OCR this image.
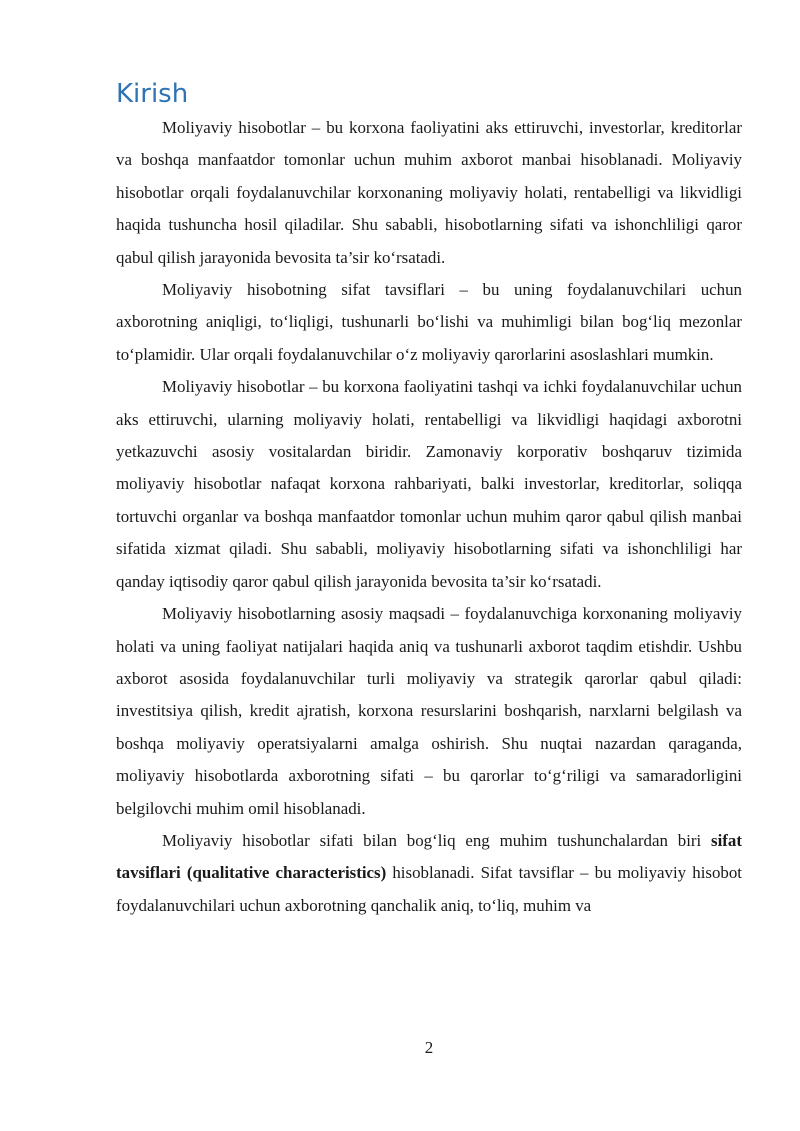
Kirish

Moliyaviy hisobotlar – bu korxona faoliyatini aks ettiruvchi, investorlar, kreditorlar va boshqa manfaatdor tomonlar uchun muhim axborot manbai hisoblanadi. Moliyaviy hisobotlar orqali foydalanuvchilar korxonaning moliyaviy holati, rentabelligi va likvidligi haqida tushuncha hosil qiladilar. Shu sababli, hisobotlarning sifati va ishonchliligi qaror qabul qilish jarayonida bevosita ta’sir ko‘rsatadi.

Moliyaviy hisobotning sifat tavsiflari – bu uning foydalanuvchilari uchun axborotning aniqligi, to‘liqligi, tushunarli bo‘lishi va muhimligi bilan bog‘liq mezonlar to‘plamidir. Ular orqali foydalanuvchilar o‘z moliyaviy qarorlarini asoslashlari mumkin.

Moliyaviy hisobotlar – bu korxona faoliyatini tashqi va ichki foydalanuvchilar uchun aks ettiruvchi, ularning moliyaviy holati, rentabelligi va likvidligi haqidagi axborotni yetkazuvchi asosiy vositalardan biridir. Zamonaviy korporativ boshqaruv tizimida moliyaviy hisobotlar nafaqat korxona rahbariyati, balki investorlar, kreditorlar, soliqqa tortuvchi organlar va boshqa manfaatdor tomonlar uchun muhim qaror qabul qilish manbai sifatida xizmat qiladi. Shu sababli, moliyaviy hisobotlarning sifati va ishonchliligi har qanday iqtisodiy qaror qabul qilish jarayonida bevosita ta’sir ko‘rsatadi.

Moliyaviy hisobotlarning asosiy maqsadi – foydalanuvchiga korxonaning moliyaviy holati va uning faoliyat natijalari haqida aniq va tushunarli axborot taqdim etishdir. Ushbu axborot asosida foydalanuvchilar turli moliyaviy va strategik qarorlar qabul qiladi: investitsiya qilish, kredit ajratish, korxona resurslarini boshqarish, narxlarni belgilash va boshqa moliyaviy operatsiyalarni amalga oshirish. Shu nuqtai nazardan qaraganda, moliyaviy hisobotlarda axborotning sifati – bu qarorlar to‘g‘riligi va samaradorligini belgilovchi muhim omil hisoblanadi.

Moliyaviy hisobotlar sifati bilan bog‘liq eng muhim tushunchalardan biri sifat tavsiflari (qualitative characteristics) hisoblanadi. Sifat tavsiflar – bu moliyaviy hisobot foydalanuvchilari uchun axborotning qanchalik aniq, to‘liq, muhim va

2
